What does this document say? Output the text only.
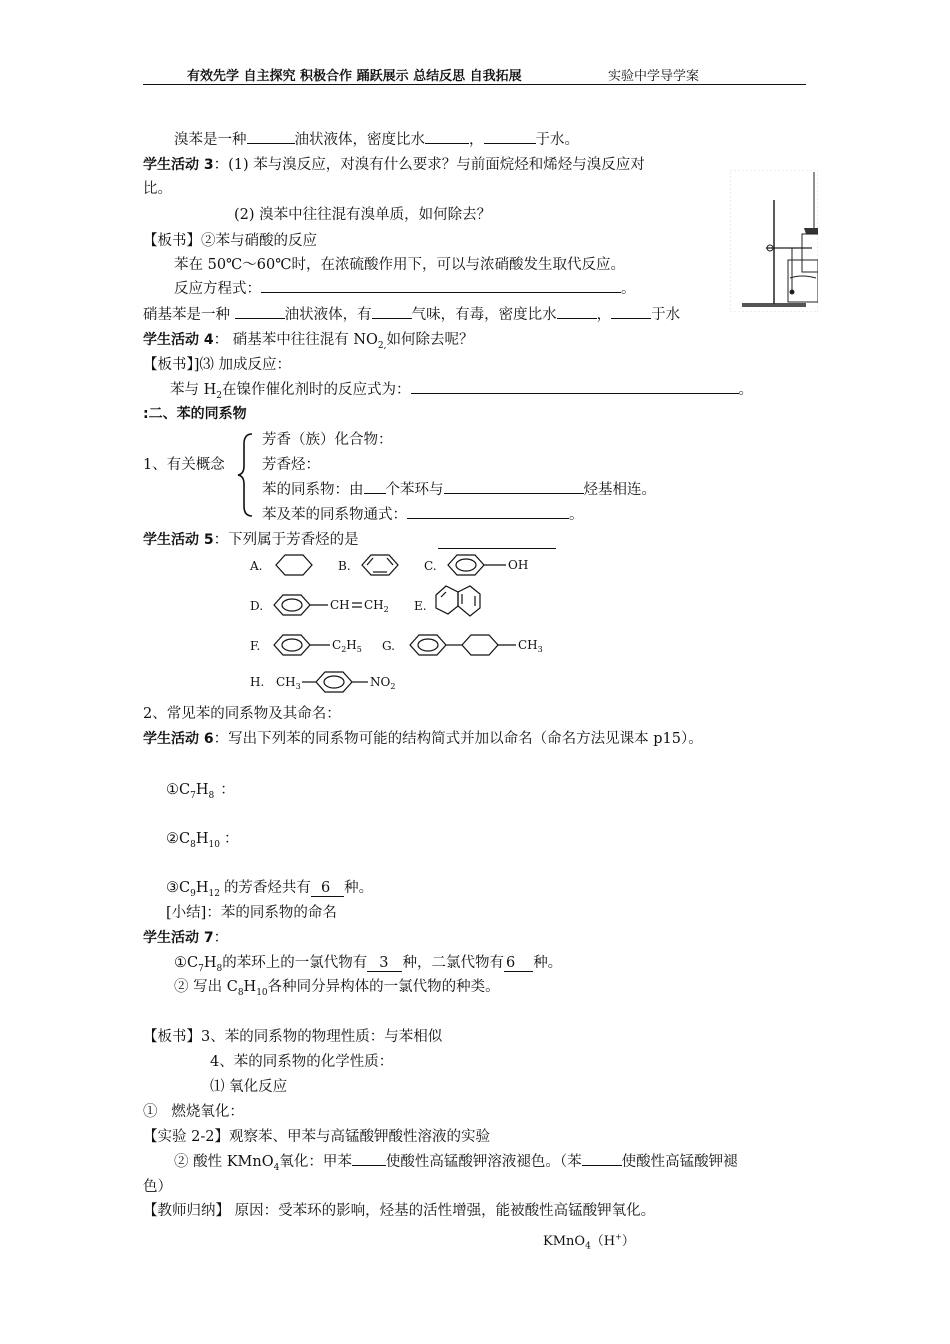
有效先学 自主探究 积极合作 踊跃展示 总结反思 自我拓展	实验中学导学案
溴苯是一种	油状液体，密度比水	，	于水。
学生活动 3：(1) 苯与溴反应，对溴有什么要求？与前面烷烃和烯烃与溴反应对
比。
(2) 溴苯中往往混有溴单质，如何除去？
【板书】②苯与硝酸的反应
苯在 50℃～60℃时，在浓硫酸作用下，可以与浓硝酸发生取代反应。
反应方程式：	。
硝基苯是一种	油状液体，有	气味，有毒，密度比水	，	于水
学生活动 4： 硝基苯中往往混有 $NO_{2,}$如何除去呢？
【板书】]⑶ 加成反应：
苯与 $H_2$在镍作催化剂时的反应式为：	。
:二、苯的同系物
1、有关概念
芳香（族）化合物：
芳香烃：
苯的同系物：由 个苯环与	烃基相连。
苯及苯的同系物通式：	。
学生活动 5：下列属于芳香烃的是
A.	B.	C.
D.	E.
F.	G.
H.
OH
CH $CH_2$
$C_2H_5$	$CH_3$
$CH_3$	$NO_2$
2、常见苯的同系物及其命名：
学生活动 6：写出下列苯的同系物可能的结构简式并加以命名（命名方法见课本 p15）。
$①C_7H_8$ ：
$②C_8H_{10}$ ：
$③C_9H_{12}$ 的芳香烃共有 6 种。
[小结]：苯的同系物的命名
学生活动 7：
$①C_7H_8$的苯环上的一氯代物有 3 种，二氯代物有 6 种。
② 写出 $C_8H_{10}$各种同分异构体的一氯代物的种类。
【板书】3、苯的同系物的物理性质：与苯相似
4、苯的同系物的化学性质：
⑴ 氧化反应
①   燃烧氧化：
【实验 2-2】观察苯、甲苯与高锰酸钾酸性溶液的实验
② 酸性 KMnO$_4$氧化：甲苯 使酸性高锰酸钾溶液褪色。（苯	使酸性高锰酸钾褪
色）
【教师归纳】 原因：受苯环的影响，烃基的活性增强，能被酸性高锰酸钾氧化。
KMnO$_4$（H+）
